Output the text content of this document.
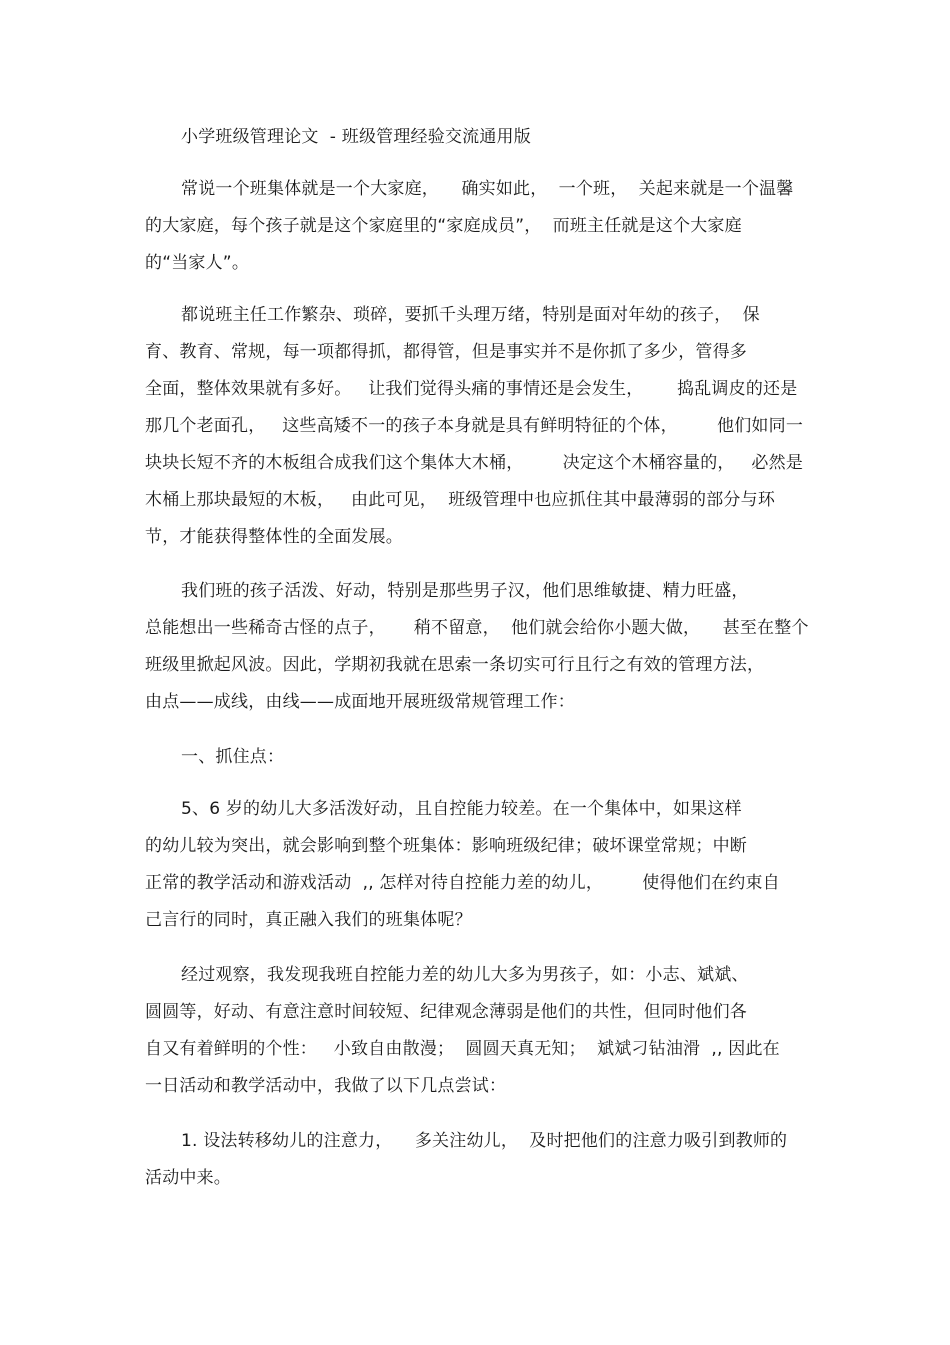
小学班级管理论文  - 班级管理经验交流通用版
常说一个班集体就是一个大家庭，    确实如此，  一个班，  关起来就是一个温馨
的大家庭，每个孩子就是这个家庭里的“家庭成员”，  而班主任就是这个大家庭
的“当家人”。
都说班主任工作繁杂、琐碎，要抓千头理万绪，特别是面对年幼的孩子，  保
育、教育、常规，每一项都得抓，都得管，但是事实并不是你抓了多少，管得多
全面，整体效果就有多好。   让我们觉得头痛的事情还是会发生，      捣乱调皮的还是
那几个老面孔，   这些高矮不一的孩子本身就是具有鲜明特征的个体，       他们如同一
块块长短不齐的木板组合成我们这个集体大木桶，       决定这个木桶容量的，   必然是
木桶上那块最短的木板，   由此可见，  班级管理中也应抓住其中最薄弱的部分与环
节，才能获得整体性的全面发展。
我们班的孩子活泼、好动，特别是那些男子汉，他们思维敏捷、精力旺盛，
总能想出一些稀奇古怪的点子，     稍不留意，  他们就会给你小题大做，    甚至在整个
班级里掀起风波。因此，学期初我就在思索一条切实可行且行之有效的管理方法，
由点——成线，由线——成面地开展班级常规管理工作：
一、抓住点：
5、6 岁的幼儿大多活泼好动，且自控能力较差。在一个集体中，如果这样
的幼儿较为突出，就会影响到整个班集体：影响班级纪律；破坏课堂常规；中断
正常的教学活动和游戏活动  ,, 怎样对待自控能力差的幼儿，       使得他们在约束自
己言行的同时，真正融入我们的班集体呢？
经过观察，我发现我班自控能力差的幼儿大多为男孩子，如：小志、斌斌、
圆圆等，好动、有意注意时间较短、纪律观念薄弱是他们的共性，但同时他们各
自又有着鲜明的个性：   小致自由散漫；  圆圆天真无知；  斌斌刁钻油滑  ,, 因此在
一日活动和教学活动中，我做了以下几点尝试：
1. 设法转移幼儿的注意力，    多关注幼儿，  及时把他们的注意力吸引到教师的
活动中来。
